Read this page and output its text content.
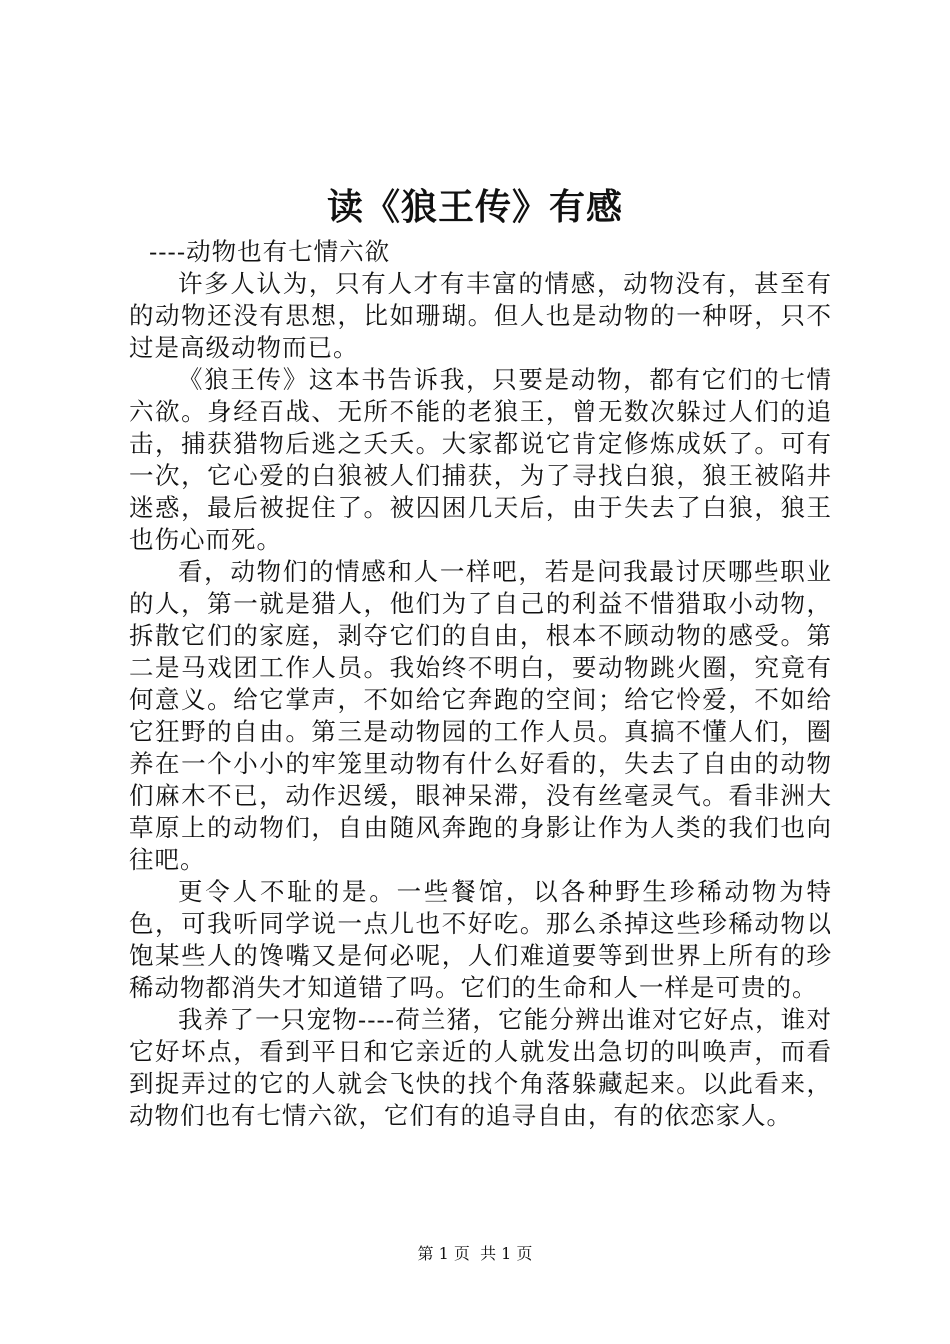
读《狼王传》有感

----动物也有七情六欲

许多人认为，只有人才有丰富的情感，动物没有，甚至有的动物还没有思想，比如珊瑚。但人也是动物的一种呀，只不过是高级动物而已。

《狼王传》这本书告诉我，只要是动物，都有它们的七情六欲。身经百战、无所不能的老狼王，曾无数次躲过人们的追击，捕获猎物后逃之夭夭。大家都说它肯定修炼成妖了。可有一次，它心爱的白狼被人们捕获，为了寻找白狼，狼王被陷井迷惑，最后被捉住了。被囚困几天后，由于失去了白狼，狼王也伤心而死。

看，动物们的情感和人一样吧，若是问我最讨厌哪些职业的人，第一就是猎人，他们为了自己的利益不惜猎取小动物，拆散它们的家庭，剥夺它们的自由，根本不顾动物的感受。第二是马戏团工作人员。我始终不明白，要动物跳火圈，究竟有何意义。给它掌声，不如给它奔跑的空间；给它怜爱，不如给它狂野的自由。第三是动物园的工作人员。真搞不懂人们，圈养在一个小小的牢笼里动物有什么好看的，失去了自由的动物们麻木不已，动作迟缓，眼神呆滞，没有丝毫灵气。看非洲大草原上的动物们，自由随风奔跑的身影让作为人类的我们也向往吧。

更令人不耻的是。一些餐馆，以各种野生珍稀动物为特色，可我听同学说一点儿也不好吃。那么杀掉这些珍稀动物以饱某些人的馋嘴又是何必呢，人们难道要等到世界上所有的珍稀动物都消失才知道错了吗。它们的生命和人一样是可贵的。

我养了一只宠物----荷兰猪，它能分辨出谁对它好点，谁对它好坏点，看到平日和它亲近的人就发出急切的叫唤声，而看到捉弄过的它的人就会飞快的找个角落躲藏起来。以此看来，动物们也有七情六欲，它们有的追寻自由，有的依恋家人。

第 1 页  共 1 页
